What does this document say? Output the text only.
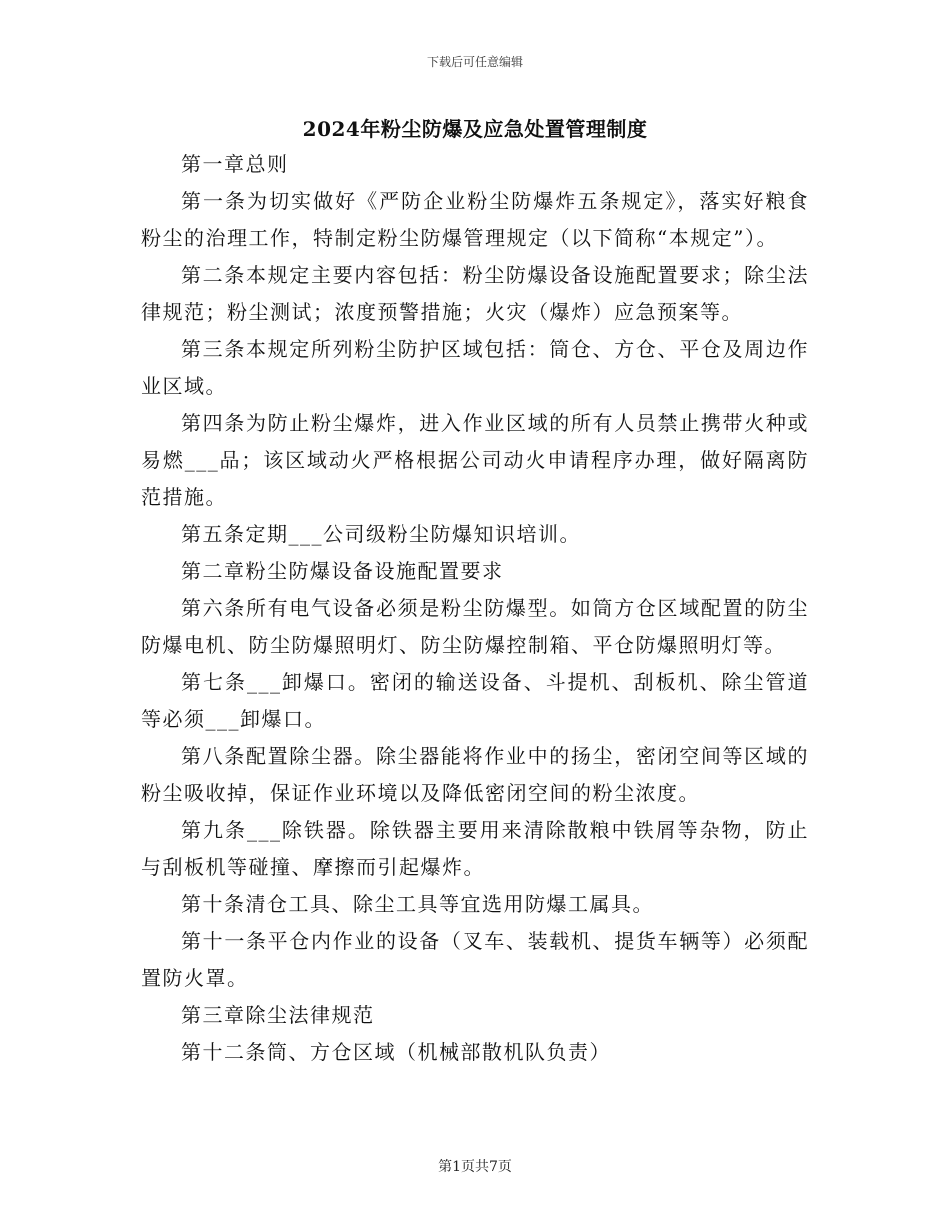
下载后可任意编辑
2024年粉尘防爆及应急处置管理制度

第一章总则

第一条为切实做好《严防企业粉尘防爆炸五条规定》，落实好粮食粉尘的治理工作，特制定粉尘防爆管理规定（以下简称“本规定”）。

第二条本规定主要内容包括：粉尘防爆设备设施配置要求；除尘法律规范；粉尘测试；浓度预警措施；火灾（爆炸）应急预案等。

第三条本规定所列粉尘防护区域包括：筒仓、方仓、平仓及周边作业区域。

第四条为防止粉尘爆炸，进入作业区域的所有人员禁止携带火种或易燃___品；该区域动火严格根据公司动火申请程序办理，做好隔离防范措施。

第五条定期___公司级粉尘防爆知识培训。

第二章粉尘防爆设备设施配置要求

第六条所有电气设备必须是粉尘防爆型。如筒方仓区域配置的防尘防爆电机、防尘防爆照明灯、防尘防爆控制箱、平仓防爆照明灯等。

第七条___卸爆口。密闭的输送设备、斗提机、刮板机、除尘管道等必须___卸爆口。

第八条配置除尘器。除尘器能将作业中的扬尘，密闭空间等区域的粉尘吸收掉，保证作业环境以及降低密闭空间的粉尘浓度。

第九条___除铁器。除铁器主要用来清除散粮中铁屑等杂物，防止与刮板机等碰撞、摩擦而引起爆炸。

第十条清仓工具、除尘工具等宜选用防爆工属具。

第十一条平仓内作业的设备（叉车、装载机、提货车辆等）必须配置防火罩。

第三章除尘法律规范

第十二条筒、方仓区域（机械部散机队负责）

第1页共7页
